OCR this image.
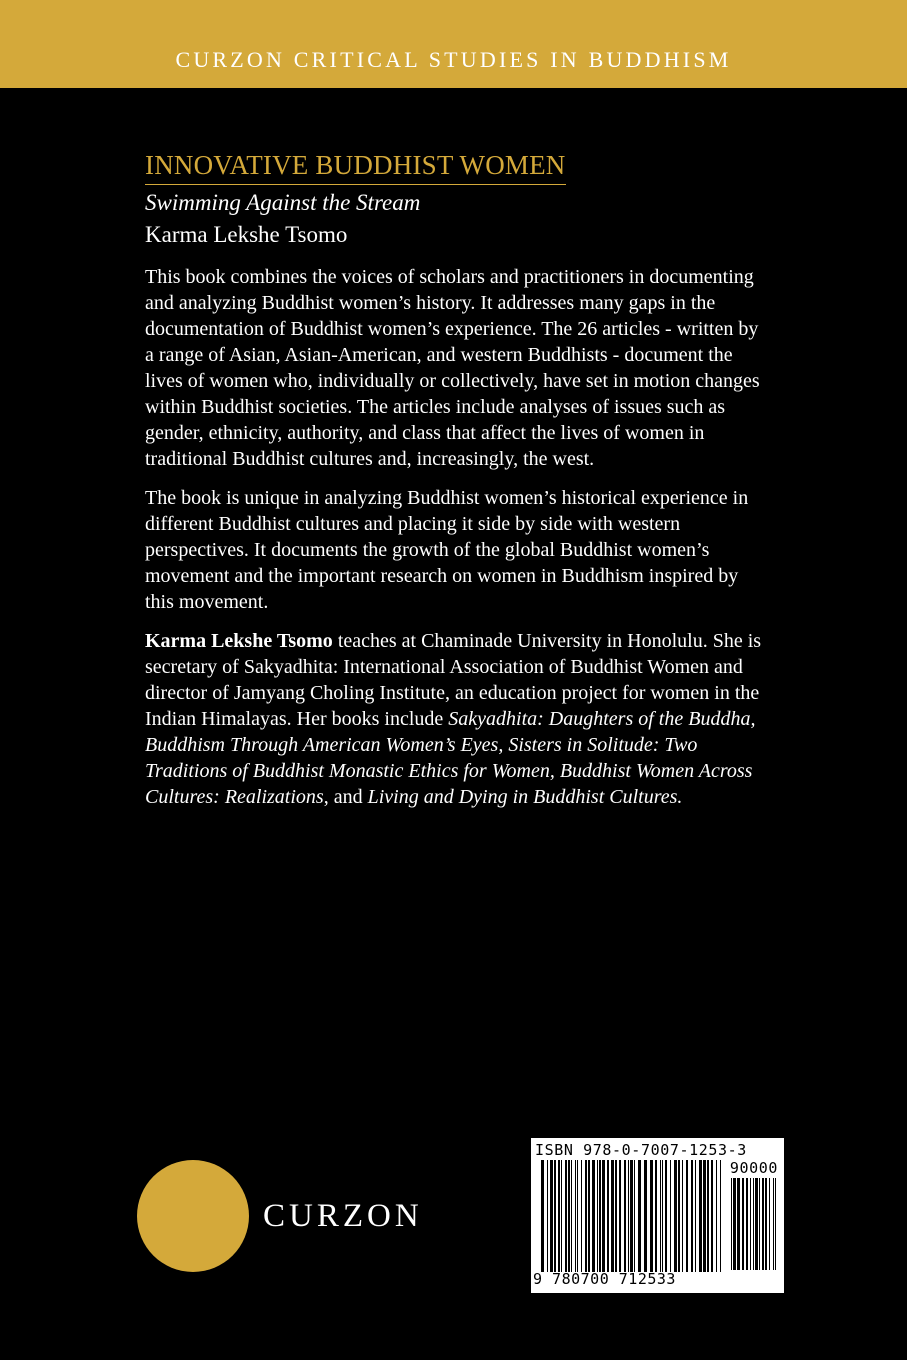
CURZON CRITICAL STUDIES IN BUDDHISM
INNOVATIVE BUDDHIST WOMEN
Swimming Against the Stream
Karma Lekshe Tsomo

This book combines the voices of scholars and practitioners in documenting and analyzing Buddhist women’s history. It addresses many gaps in the documentation of Buddhist women’s experience. The 26 articles - written by a range of Asian, Asian-American, and western Buddhists - document the lives of women who, individually or collectively, have set in motion changes within Buddhist societies. The articles include analyses of issues such as gender, ethnicity, authority, and class that affect the lives of women in traditional Buddhist cultures and, increasingly, the west.

The book is unique in analyzing Buddhist women’s historical experience in different Buddhist cultures and placing it side by side with western perspectives. It documents the growth of the global Buddhist women’s movement and the important research on women in Buddhism inspired by this movement.

Karma Lekshe Tsomo teaches at Chaminade University in Honolulu. She is secretary of Sakyadhita: International Association of Buddhist Women and director of Jamyang Choling Institute, an education project for women in the Indian Himalayas. Her books include Sakyadhita: Daughters of the Buddha, Buddhism Through American Women’s Eyes, Sisters in Solitude: Two Traditions of Buddhist Monastic Ethics for Women, Buddhist Women Across Cultures: Realizations, and Living and Dying in Buddhist Cultures.

CURZON
ISBN 978-0-7007-1253-3
90000
9 780700 712533
